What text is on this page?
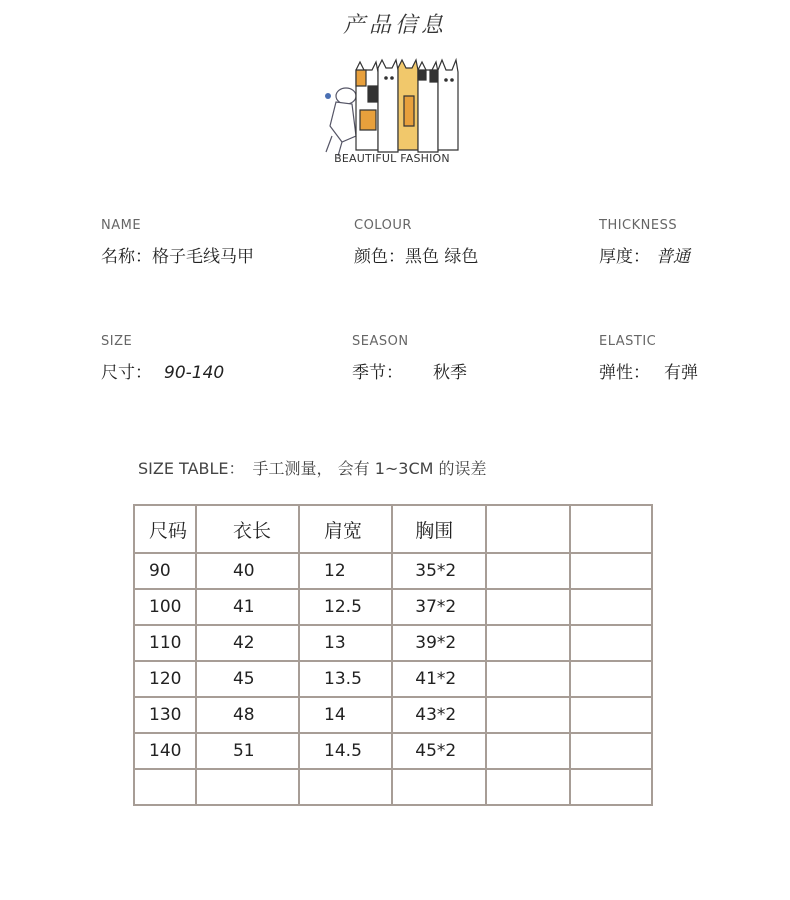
产品信息
BEAUTIFUL FASHION
NAME
名称：格子毛线马甲
COLOUR
颜色：黑色 绿色
THICKNESS
厚度： 普通
SIZE
尺寸： 90-140
SEASON
季节： 秋季
ELASTIC
弹性： 有弹
SIZE TABLE： 手工测量， 会有 1~3CM 的误差
尺码	衣长	肩宽	胸围		
90	40	12	35*2		
100	41	12.5	37*2		
110	42	13	39*2		
120	45	13.5	41*2		
130	48	14	43*2		
140	51	14.5	45*2		
